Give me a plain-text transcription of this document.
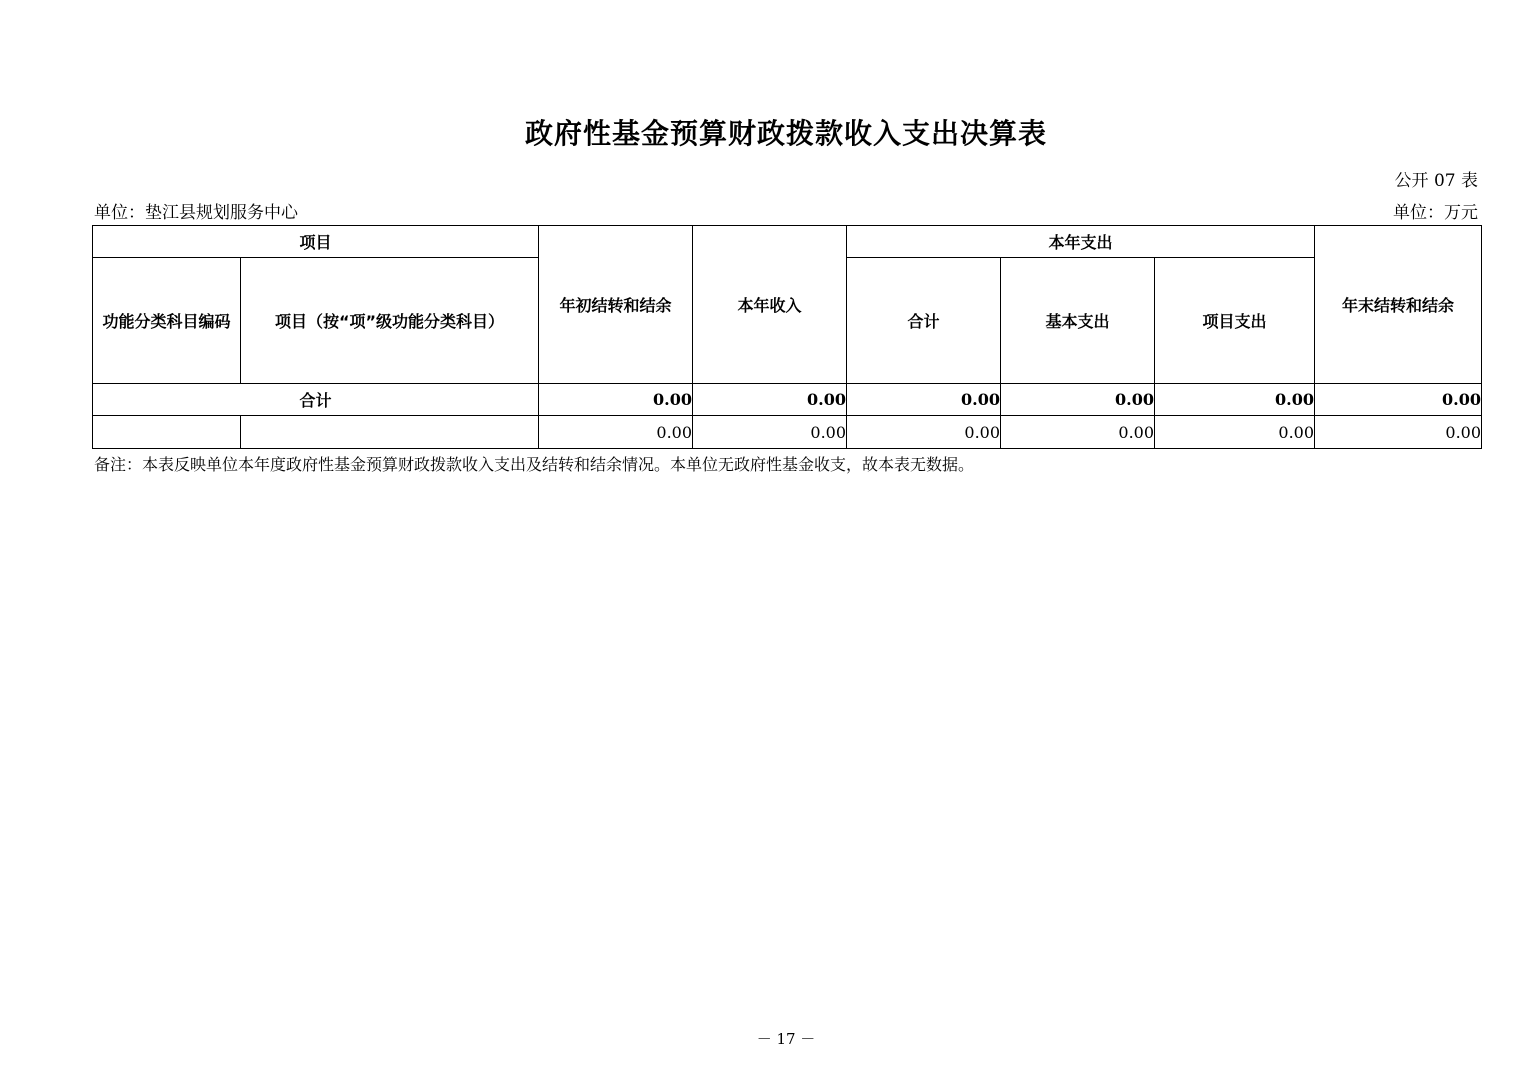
政府性基金预算财政拨款收入支出决算表
公开 07 表
单位：垫江县规划服务中心	单位：万元
项目		年初结转和结余	本年收入	本年支出			年末结转和结余
功能分类科目编码	项目（按“项”级功能分类科目）			合计	基本支出	项目支出	
合计		0.00	0.00	0.00	0.00	0.00	0.00
		0.00	0.00	0.00	0.00	0.00	0.00
备注：本表反映单位本年度政府性基金预算财政拨款收入支出及结转和结余情况。本单位无政府性基金收支，故本表无数据。
－ 17 －
